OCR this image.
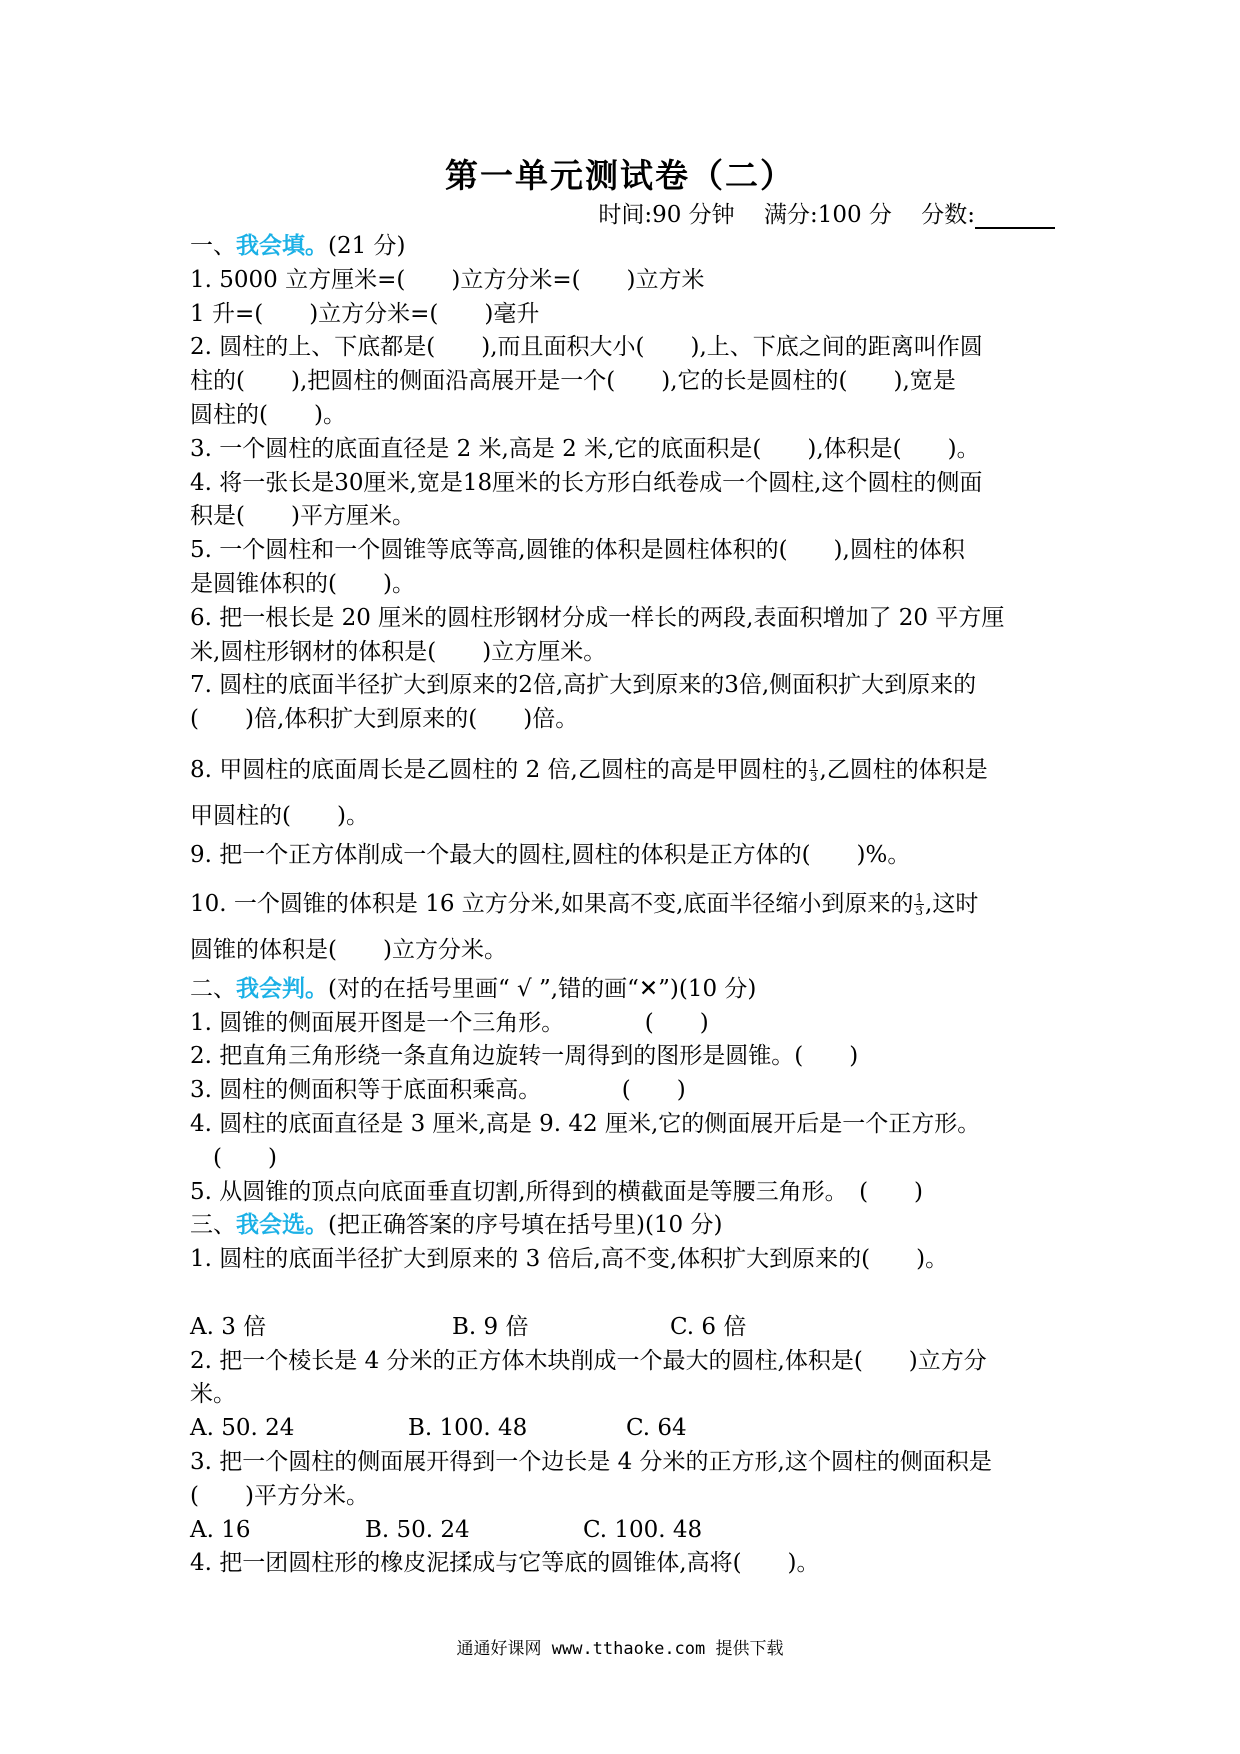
第一单元测试卷（二）
时间:90 分钟 满分:100 分 分数:
一、我会填。(21 分)
1. 5000 立方厘米=(　　)立方分米=(　　)立方米
1 升=(　　)立方分米=(　　)毫升
2. 圆柱的上、下底都是(　　),而且面积大小(　　),上、下底之间的距离叫作圆
柱的(　　),把圆柱的侧面沿高展开是一个(　　),它的长是圆柱的(　　),宽是
圆柱的(　　)。
3. 一个圆柱的底面直径是 2 米,高是 2 米,它的底面积是(　　),体积是(　　)。
4. 将一张长是30厘米,宽是18厘米的长方形白纸卷成一个圆柱,这个圆柱的侧面
积是(　　)平方厘米。
5. 一个圆柱和一个圆锥等底等高,圆锥的体积是圆柱体积的(　　),圆柱的体积
是圆锥体积的(　　)。
6. 把一根长是 20 厘米的圆柱形钢材分成一样长的两段,表面积增加了 20 平方厘
米,圆柱形钢材的体积是(　　)立方厘米。
7. 圆柱的底面半径扩大到原来的2倍,高扩大到原来的3倍,侧面积扩大到原来的
(　　)倍,体积扩大到原来的(　　)倍。
8. 甲圆柱的底面周长是乙圆柱的 2 倍,乙圆柱的高是甲圆柱的 $\frac{1}{3}$ ,乙圆柱的体积是
甲圆柱的(　　)。
9. 把一个正方体削成一个最大的圆柱,圆柱的体积是正方体的(　　)%。
10. 一个圆锥的体积是 16 立方分米,如果高不变,底面半径缩小到原来的 $\frac{1}{3}$ ,这时
圆锥的体积是(　　)立方分米。
二、我会判。(对的在括号里画“ √ ”,错的画“✕”)(10 分)
1. 圆锥的侧面展开图是一个三角形。　　　　(　　)
2. 把直角三角形绕一条直角边旋转一周得到的图形是圆锥。(　　)
3. 圆柱的侧面积等于底面积乘高。　　　　(　　)
4. 圆柱的底面直径是 3 厘米,高是 9. 42 厘米,它的侧面展开后是一个正方形。
　(　　)
5. 从圆锥的顶点向底面垂直切割,所得到的横截面是等腰三角形。　(　　)
三、我会选。(把正确答案的序号填在括号里)(10 分)
1. 圆柱的底面半径扩大到原来的 3 倍后,高不变,体积扩大到原来的(　　)。
A. 3 倍	B. 9 倍	C. 6 倍
2. 把一个棱长是 4 分米的正方体木块削成一个最大的圆柱,体积是(　　)立方分
米。
A. 50. 24	B. 100. 48	C. 64
3. 把一个圆柱的侧面展开得到一个边长是 4 分米的正方形,这个圆柱的侧面积是
(　　)平方分米。
A. 16	B. 50. 24	C. 100. 48
4. 把一团圆柱形的橡皮泥揉成与它等底的圆锥体,高将(　　)。
通通好课网 www.tthaoke.com 提供下载
